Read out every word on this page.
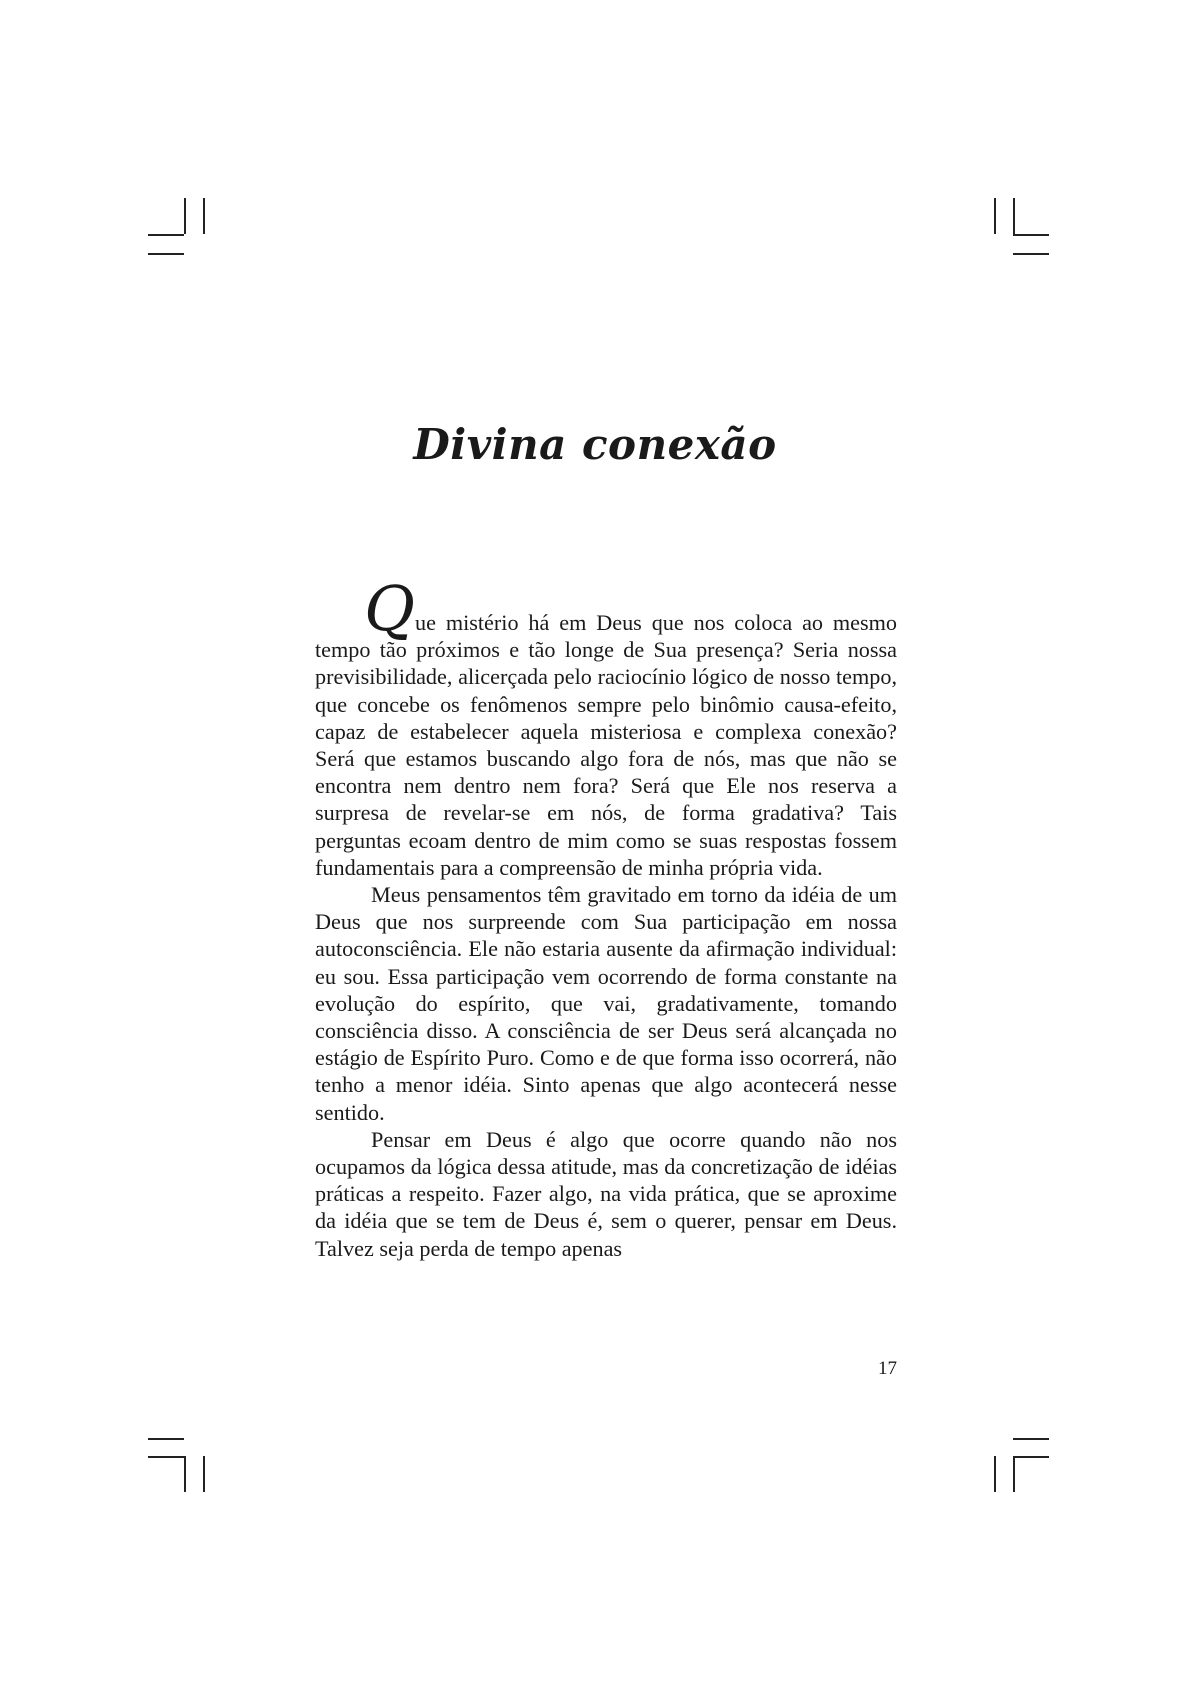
Divina conexão

Que mistério há em Deus que nos coloca ao mesmo tempo tão próximos e tão longe de Sua presença? Seria nossa previsibilidade, alicerçada pelo raciocínio lógico de nosso tempo, que concebe os fenômenos sempre pelo binômio causa-efeito, capaz de estabelecer aquela misteriosa e complexa conexão? Será que estamos buscando algo fora de nós, mas que não se encontra nem dentro nem fora? Será que Ele nos reserva a surpresa de revelar-se em nós, de forma gradativa? Tais perguntas ecoam dentro de mim como se suas respostas fossem fundamentais para a compreensão de minha própria vida.

Meus pensamentos têm gravitado em torno da idéia de um Deus que nos surpreende com Sua participação em nossa autoconsciência. Ele não estaria ausente da afirmação individual: eu sou. Essa participação vem ocorrendo de forma constante na evolução do espírito, que vai, gradativamente, tomando consciência disso. A consciência de ser Deus será alcançada no estágio de Espírito Puro. Como e de que forma isso ocorrerá, não tenho a menor idéia. Sinto apenas que algo acontecerá nesse sentido.

Pensar em Deus é algo que ocorre quando não nos ocupamos da lógica dessa atitude, mas da concretização de idéias práticas a respeito. Fazer algo, na vida prática, que se aproxime da idéia que se tem de Deus é, sem o querer, pensar em Deus. Talvez seja perda de tempo apenas

17
